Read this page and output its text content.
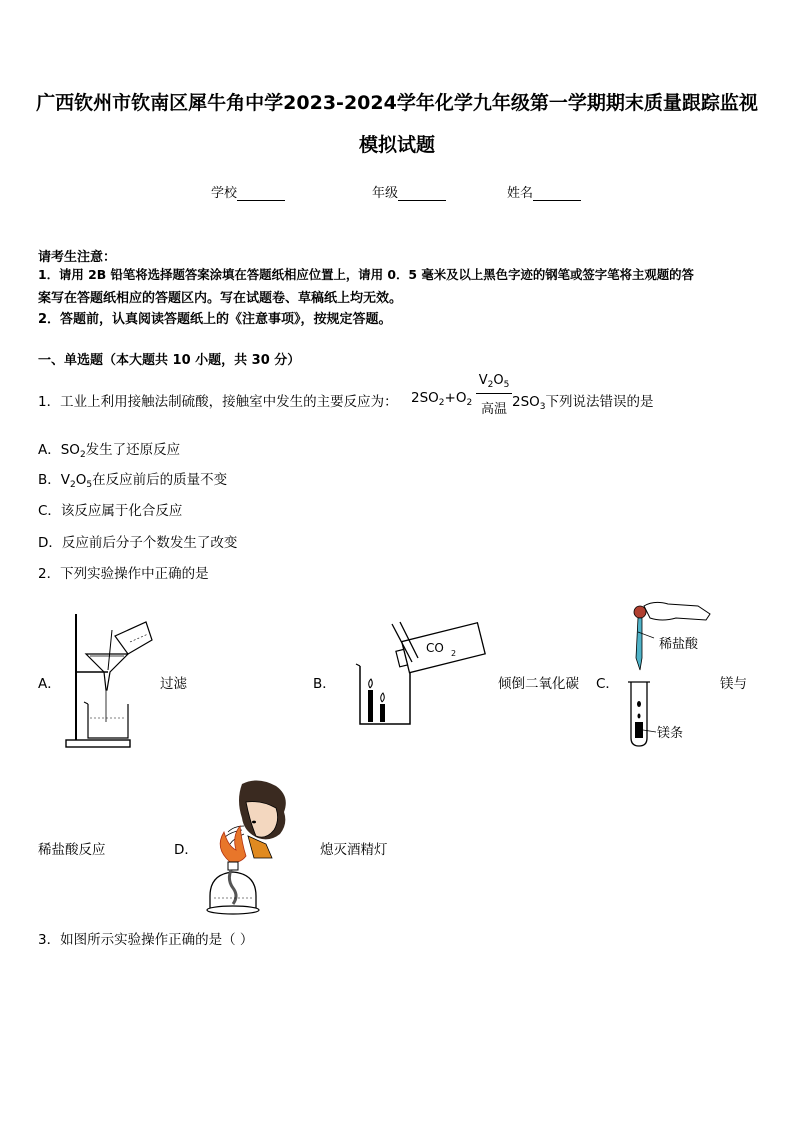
广西钦州市钦南区犀牛角中学2023-2024学年化学九年级第一学期期末质量跟踪监视
模拟试题
学校	年级	姓名
请考生注意：
1．请用 2B 铅笔将选择题答案涂填在答题纸相应位置上，请用 0．5 毫米及以上黑色字迹的钢笔或签字笔将主观题的答
案写在答题纸相应的答题区内。写在试题卷、草稿纸上均无效。
2．答题前，认真阅读答题纸上的《注意事项》，按规定答题。
一、单选题（本大题共 10 小题，共 30 分）
1．工业上利用接触法制硫酸，接触室中发生的主要反应为： $2SO_2+O_2$
$V_2O_5$
高温 $2SO_3$下列说法错误的是
A．$SO_2$发生了还原反应
B．$V_2O_5$在反应前后的质量不变
C．该反应属于化合反应
D．反应前后分子个数发生了改变
2．下列实验操作中正确的是
A．	过滤	B．
CO 2
倾倒二氧化碳 C．
稀盐酸
镁条
镁与
稀盐酸反应	D．	熄灭酒精灯
3．如图所示实验操作正确的是（ ）
